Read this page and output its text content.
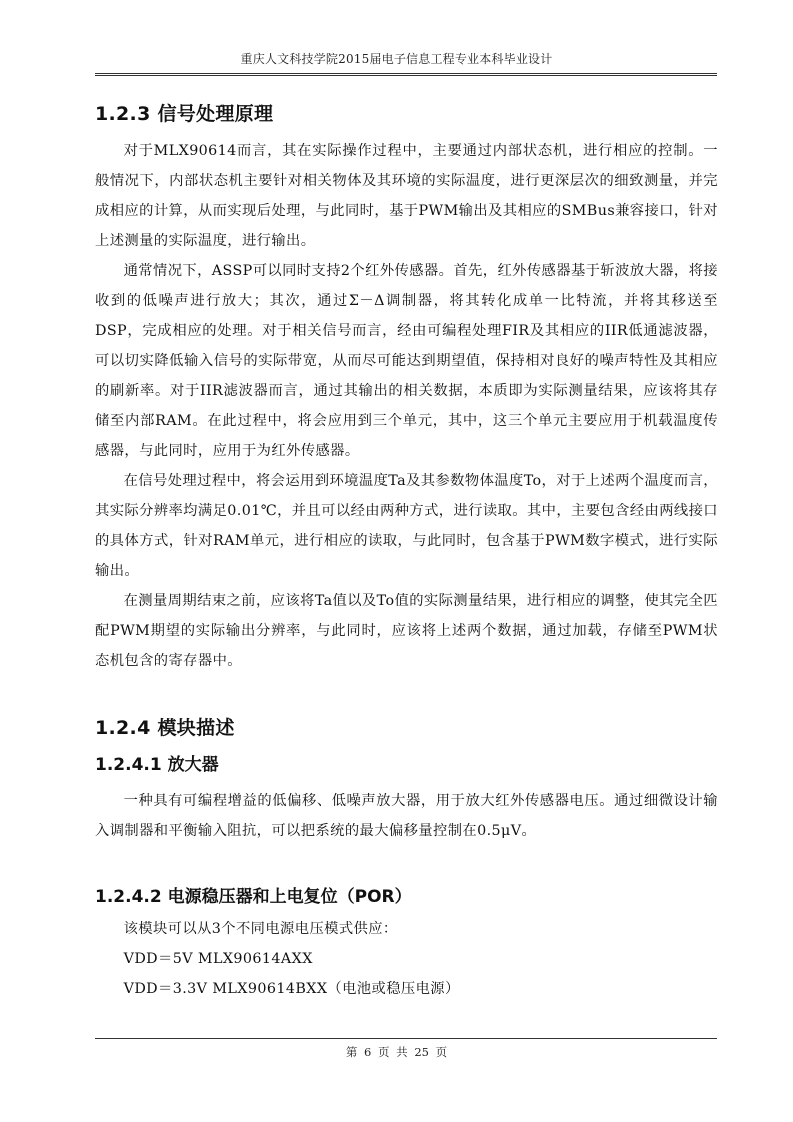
重庆人文科技学院2015届电子信息工程专业本科毕业设计
1.2.3 信号处理原理

对于MLX90614而言，其在实际操作过程中，主要通过内部状态机，进行相应的控制。一般情况下，内部状态机主要针对相关物体及其环境的实际温度，进行更深层次的细致测量，并完成相应的计算，从而实现后处理，与此同时，基于PWM输出及其相应的SMBus兼容接口，针对上述测量的实际温度，进行输出。

通常情况下，ASSP可以同时支持2个红外传感器。首先，红外传感器基于斩波放大器，将接收到的低噪声进行放大；其次，通过Σ－Δ调制器，将其转化成单一比特流，并将其移送至DSP，完成相应的处理。对于相关信号而言，经由可编程处理FIR及其相应的IIR低通滤波器，可以切实降低输入信号的实际带宽，从而尽可能达到期望值，保持相对良好的噪声特性及其相应的刷新率。对于IIR滤波器而言，通过其输出的相关数据，本质即为实际测量结果，应该将其存储至内部RAM。在此过程中，将会应用到三个单元，其中，这三个单元主要应用于机载温度传感器，与此同时，应用于为红外传感器。

在信号处理过程中，将会运用到环境温度Ta及其参数物体温度To，对于上述两个温度而言，其实际分辨率均满足0.01℃，并且可以经由两种方式，进行读取。其中，主要包含经由两线接口的具体方式，针对RAM单元，进行相应的读取，与此同时，包含基于PWM数字模式，进行实际输出。

在测量周期结束之前，应该将Ta值以及To值的实际测量结果，进行相应的调整，使其完全匹配PWM期望的实际输出分辨率，与此同时，应该将上述两个数据，通过加载，存储至PWM状态机包含的寄存器中。

1.2.4 模块描述
1.2.4.1 放大器

一种具有可编程增益的低偏移、低噪声放大器，用于放大红外传感器电压。通过细微设计输入调制器和平衡输入阻抗，可以把系统的最大偏移量控制在0.5μV。

1.2.4.2 电源稳压器和上电复位（POR）

该模块可以从3个不同电源电压模式供应：

VDD＝5V MLX90614AXX

VDD＝3.3V MLX90614BXX（电池或稳压电源）

第 6 页 共 25 页
